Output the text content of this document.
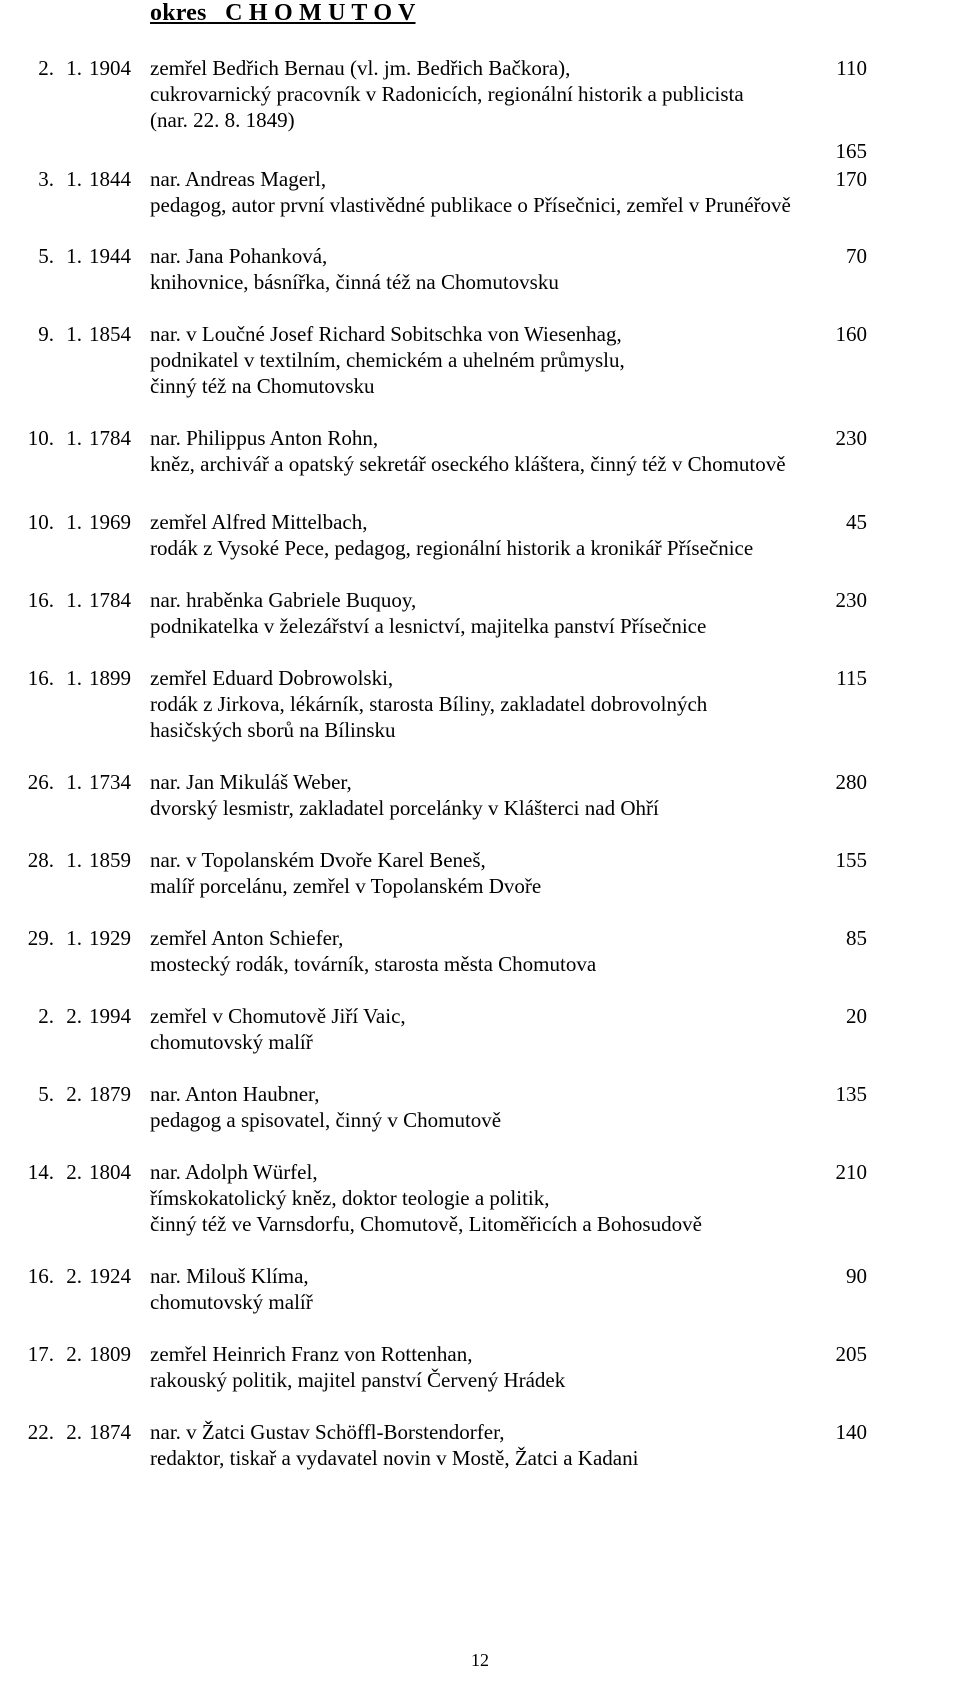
okres   C H O M U T O V
2. 1. 1904 zemřel Bedřich Bernau (vl. jm. Bedřich Bačkora),
cukrovarnický pracovník v Radonicích, regionální historik a publicista
(nar. 22. 8. 1849)
110
165
3. 1. 1844 nar. Andreas Magerl,
pedagog, autor první vlastivědné publikace o Přísečnici, zemřel v Prunéřově
170
5. 1. 1944 nar. Jana Pohanková,
knihovnice, básnířka, činná též na Chomutovsku
70
9. 1. 1854 nar. v Loučné Josef Richard Sobitschka von Wiesenhag,
podnikatel v textilním, chemickém a uhelném průmyslu,
činný též na Chomutovsku
160
10. 1. 1784 nar. Philippus Anton Rohn,
kněz, archivář a opatský sekretář oseckého kláštera, činný též v Chomutově
230
10. 1. 1969 zemřel Alfred Mittelbach,
rodák z Vysoké Pece, pedagog, regionální historik a kronikář Přísečnice
45
16. 1. 1784 nar. hraběnka Gabriele Buquoy,
podnikatelka v železářství a lesnictví, majitelka panství Přísečnice
230
16. 1. 1899 zemřel Eduard Dobrowolski,
rodák z Jirkova, lékárník, starosta Bíliny, zakladatel dobrovolných
hasičských sborů na Bílinsku
115
26. 1. 1734 nar. Jan Mikuláš Weber,
dvorský lesmistr, zakladatel porcelánky v Klášterci nad Ohří
280
28. 1. 1859 nar. v Topolanském Dvoře Karel Beneš,
malíř porcelánu, zemřel v Topolanském Dvoře
155
29. 1. 1929 zemřel Anton Schiefer,
mostecký rodák, továrník, starosta města Chomutova
85
2. 2. 1994 zemřel v Chomutově Jiří Vaic,
chomutovský malíř
20
5. 2. 1879 nar. Anton Haubner,
pedagog a spisovatel, činný v Chomutově
135
14. 2. 1804 nar. Adolph Würfel,
římskokatolický kněz, doktor teologie a politik,
činný též ve Varnsdorfu, Chomutově, Litoměřicích a Bohosudově
210
16. 2. 1924 nar. Milouš Klíma,
chomutovský malíř
90
17. 2. 1809 zemřel Heinrich Franz von Rottenhan,
rakouský politik, majitel panství Červený Hrádek
205
22. 2. 1874 nar. v Žatci Gustav Schöffl-Borstendorfer,
redaktor, tiskař a vydavatel novin v Mostě, Žatci a Kadani
140
12
